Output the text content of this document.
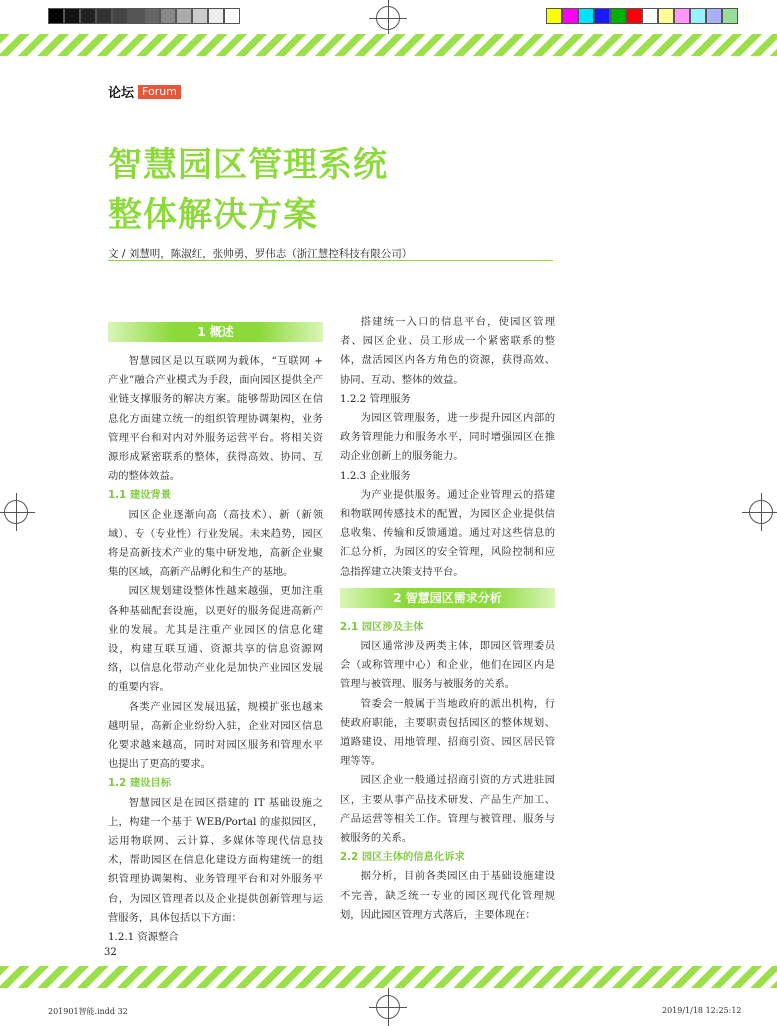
论坛 Forum
智慧园区管理系统
整体解决方案
文 / 刘慧明，陈淑红，张帅勇，罗伟志（浙江慧控科技有限公司）
1 概述

智慧园区是以互联网为载体，“互联网 + 产业”融合产业模式为手段，面向园区提供全产业链支撑服务的解决方案。能够帮助园区在信息化方面建立统一的组织管理协调架构，业务管理平台和对内对外服务运营平台。将相关资源形成紧密联系的整体，获得高效、协同、互动的整体效益。

1.1 建设背景

园区企业逐渐向高（高技术）、新（新领域）、专（专业性）行业发展。未来趋势，园区将是高新技术产业的集中研发地，高新企业聚集的区域，高新产品孵化和生产的基地。

园区规划建设整体性越来越强，更加注重各种基础配套设施，以更好的服务促进高新产业的发展。尤其是注重产业园区的信息化建设，构建互联互通、资源共享的信息资源网络，以信息化带动产业化是加快产业园区发展的重要内容。

各类产业园区发展迅猛，规模扩张也越来越明显，高新企业纷纷入驻，企业对园区信息化要求越来越高，同时对园区服务和管理水平也提出了更高的要求。

1.2 建设目标

智慧园区是在园区搭建的 IT 基础设施之上，构建一个基于 WEB/Portal 的虚拟园区，运用物联网、云计算、多媒体等现代信息技术，帮助园区在信息化建设方面构建统一的组织管理协调架构、业务管理平台和对外服务平台，为园区管理者以及企业提供创新管理与运营服务，具体包括以下方面：

1.2.1 资源整合

搭建统一入口的信息平台，使园区管理者、园区企业、员工形成一个紧密联系的整体，盘活园区内各方角色的资源，获得高效、协同、互动、整体的效益。

1.2.2 管理服务

为园区管理服务，进一步提升园区内部的政务管理能力和服务水平，同时增强园区在推动企业创新上的服务能力。

1.2.3 企业服务

为产业提供服务。通过企业管理云的搭建和物联网传感技术的配置，为园区企业提供信息收集、传输和反馈通道。通过对这些信息的汇总分析，为园区的安全管理，风险控制和应急指挥建立决策支持平台。

2 智慧园区需求分析
2.1 园区涉及主体

园区通常涉及两类主体，即园区管理委员会（或称管理中心）和企业，他们在园区内是管理与被管理、服务与被服务的关系。

管委会一般属于当地政府的派出机构，行使政府职能，主要职责包括园区的整体规划、道路建设、用地管理、招商引资、园区居民管理等等。

园区企业一般通过招商引资的方式进驻园区，主要从事产品技术研发、产品生产加工、产品运营等相关工作。管理与被管理、服务与被服务的关系。

2.2 园区主体的信息化诉求

据分析，目前各类园区由于基础设施建设不完善，缺乏统一专业的园区现代化管理规划，因此园区管理方式落后，主要体现在：

32
201901智能.indd 32	2019/1/18 12:25:12
